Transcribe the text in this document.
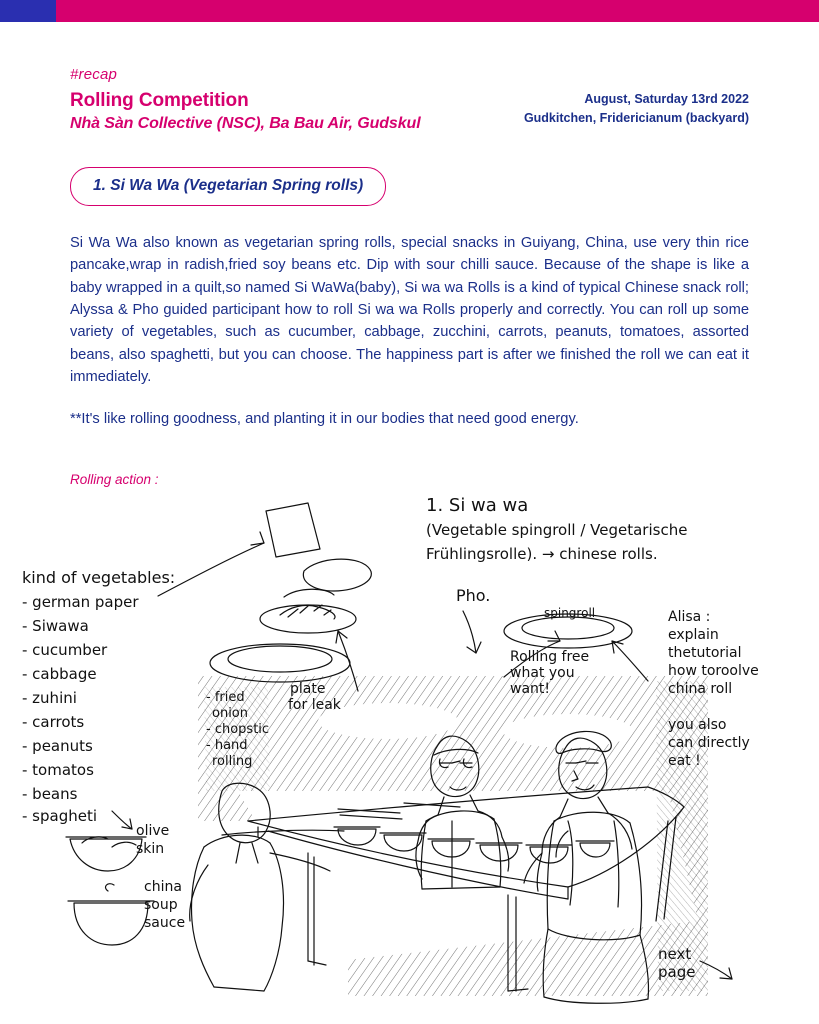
#recap
Rolling Competition
Nhà Sàn Collective (NSC), Ba Bau Air, Gudskul
August, Saturday 13rd 2022
Gudkitchen, Fridericianum (backyard)
1. Si Wa Wa (Vegetarian Spring rolls)
Si Wa Wa also known as vegetarian spring rolls, special snacks in Guiyang, China, use very thin rice pancake,wrap in radish,fried soy beans etc. Dip with sour chilli sauce. Because of the shape is like a baby wrapped in a quilt,so named Si WaWa(baby), Si wa wa Rolls is a kind of typical Chinese snack roll; Alyssa & Pho guided participant how to roll Si wa wa Rolls properly and correctly. You can roll up some variety of vegetables, such as cucumber, cabbage, zucchini, carrots, peanuts, tomatoes, assorted beans, also spaghetti, but you can choose. The happiness part is after we finished the roll we can eat it immediately.
**It's like rolling goodness, and planting it in our bodies that need good energy.
Rolling action :
1. Si wa wa
(Vegetable spingroll / Vegetarische
Frühlingsrolle). → chinese rolls.
kind of vegetables:
- german paper
- Siwawa
- cucumber
- cabbage
- zuhini
- carrots
- peanuts
- tomatos
- beans
- spagheti
olive
skin
china
soup
sauce
- fried
onion
- chopstic
- hand
rolling
plate
for leak
Pho.
spingroll
Rolling free
what you
want!
Alisa :
explain
thetutorial
how toroolve
china roll
you also
can directly
eat !
next
page
